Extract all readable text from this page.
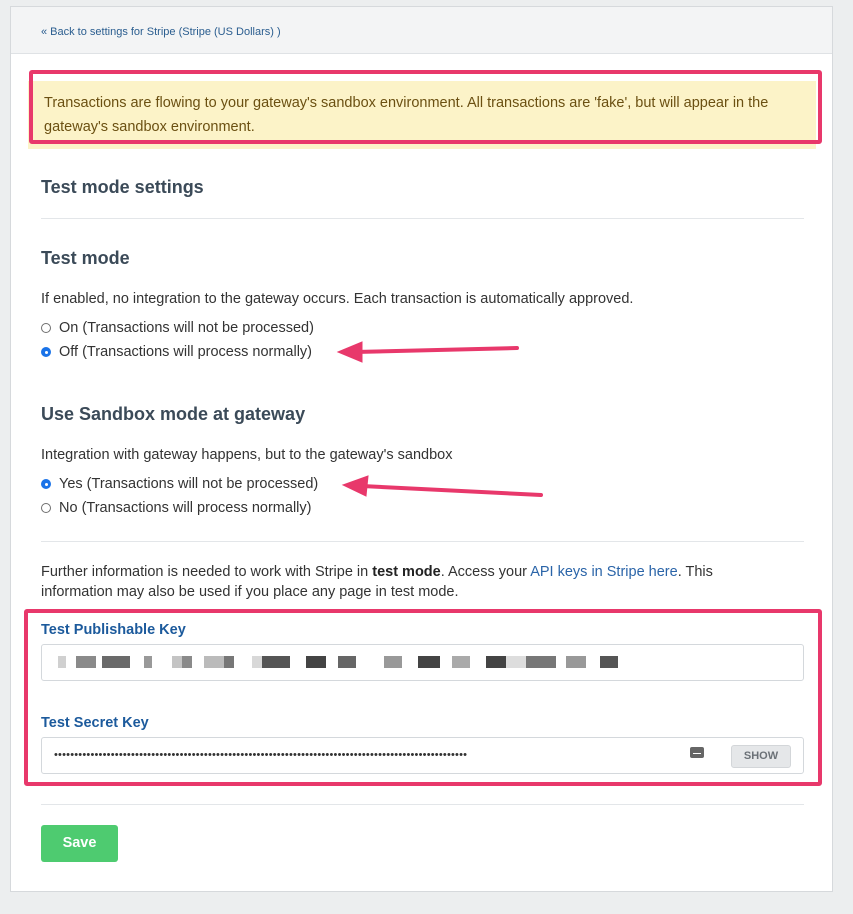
« Back to settings for Stripe (Stripe (US Dollars) )
Transactions are flowing to your gateway's sandbox environment. All transactions are 'fake', but will appear in the gateway's sandbox environment.
Test mode settings
Test mode

If enabled, no integration to the gateway occurs. Each transaction is automatically approved.

On (Transactions will not be processed)
Off (Transactions will process normally)
Use Sandbox mode at gateway

Integration with gateway happens, but to the gateway's sandbox

Yes (Transactions will not be processed)
No (Transactions will process normally)

Further information is needed to work with Stripe in test mode. Access your API keys in Stripe here. This information may also be used if you place any page in test mode.

Test Publishable Key
Test Secret Key
••••••••••••••••••••••••••••••••••••••••••••••••••••••••••••••••••••••••••••••••••••••••••••••••••••••	SHOW
Save
